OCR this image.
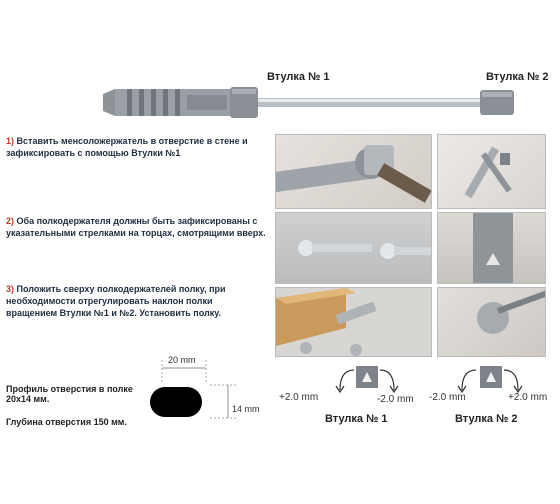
Втулка № 1	Втулка № 2
1) Вставить менсоложержатель в отверстие в стене и зафиксировать с помощью Втулки №1
2) Оба полкодержателя должны быть зафиксированы с указательными стрелками на торцах, смотрящими вверх.
3) Положить сверху полкодержателей полку, при необходимости отрегулировать наклон полки вращением Втулки №1 и №2. Установить полку.
20 mm
14 mm
Профиль отверстия в полке
20x14 мм.
Глубина отверстия 150 мм.
+2.0 mm	-2.0 mm
Втулка № 1
-2.0 mm	+2.0 mm
Втулка № 2
